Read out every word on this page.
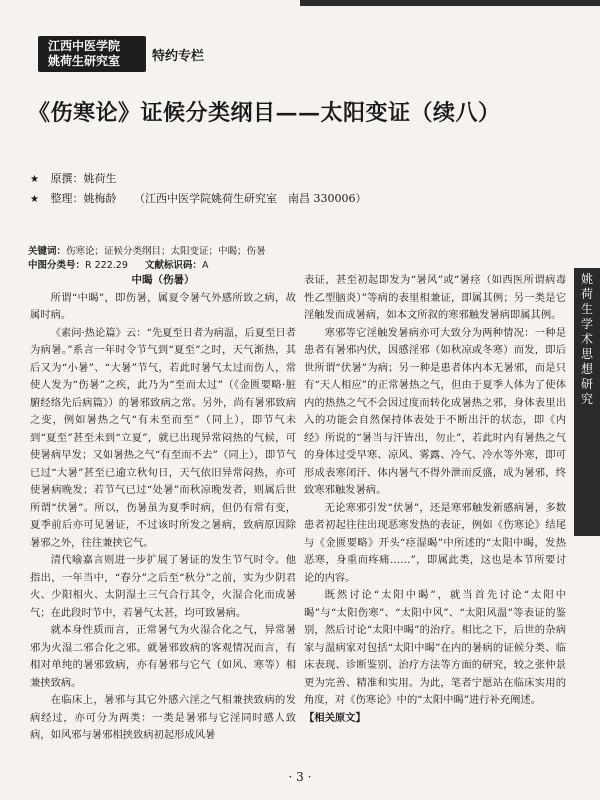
江西中医学院
姚荷生研究室	特约专栏
《伤寒论》证候分类纲目——太阳变证（续八）
★ 原撰：姚荷生
★ 整理：姚梅龄 （江西中医学院姚荷生研究室　南昌 330006）
关键词：伤寒论；证候分类纲目；太阳变证；中暍；伤暑
中图分类号：R 222.29 文献标识码：A
姚
荷
生
学
术
思
想
研
究

中暍（伤暑）

所谓“中暍”，即伤暑，属夏令暑气外感所致之病，故属时病。

《素问·热论篇》云：“先夏至日者为病温，后夏至日者为病暑。”系言一年时令节气到“夏至”之时，天气渐热，其后又为“小暑”、“大暑”节气，若此时暑气太过而伤人，常使人发为“伤暑”之疾，此乃为“至而太过”（《金匮要略·脏腑经络先后病篇》）的暑邪致病之常。另外，尚有暑邪致病之变，例如暑热之气“有未至而至”（同上），即节气未到“夏至”甚至未到“立夏”，就已出现异常闷热的气候，可使暑病早发；又如暑热之气“有至而不去”（同上），即节气已过“大暑”甚至已逾立秋旬日，天气依旧异常闷热，亦可使暑病晚发；若节气已过“处暑”而秋凉晚发者，则属后世所谓“伏暑”。所以，伤暑虽为夏季时病，但仍有常有变，夏季前后亦可见暑证，不过该时所发之暑病，致病原因除暑邪之外，往往兼挟它气。

清代喻嘉言则进一步扩展了暑证的发生节气时令。他指出，一年当中，“春分”之后至“秋分”之前，实为少阴君火、少阳相火、太阴湿土三气合行其令，火湿合化而成暑气；在此段时节中，若暑气太甚，均可致暑病。

就本身性质而言，正常暑气为火湿合化之气，异常暑邪为火湿二邪合化之邪。就暑邪致病的客观情况而言，有相对单纯的暑邪致病，亦有暑邪与它气（如风、寒等）相兼挟致病。

在临床上，暑邪与其它外感六淫之气相兼挟致病的发病经过，亦可分为两类：一类是暑邪与它淫同时感人致病，如风邪与暑邪相挟致病初起形成风暑

表证，甚至初起即发为“暑风”或“暑痉（如西医所谓病毒性乙型脑炎）”等病的表里相兼证，即属其例；另一类是它淫触发而成暑病，如本文所叙的寒邪触发暑病即属其例。

寒邪等它淫触发暑病亦可大致分为两种情况：一种是患者有暑邪内伏，因感淫邪（如秋凉或冬寒）而发，即后世所谓“伏暑”为病；另一种是患者体内本无暑邪，而是只有“天人相应”的正常暑热之气，但由于夏季人体为了使体内的热热之气不会因过度而转化成暑热之邪，身体表里出入的功能会自然保持体表处于不断出汗的状态，即《内经》所说的“暑当与汗皆出，勿止”，若此时内有暑热之气的身体过受早寒、凉风、雾露、冷气、冷水等外寒，即可形成表寒闭汗、体内暑气不得外泄而反盛，成为暑邪，终致寒邪触发暑病。

无论寒邪引发“伏暑”，还是寒邪触发新感病暑，多数患者初起往往出现恶寒发热的表证，例如《伤寒论》结尾与《金匮要略》开头“痉湿暍”中所述的“太阳中暍，发热恶寒，身重而疼痛……”，即属此类，这也是本节所要讨论的内容。

既然讨论“太阳中暍”，就当首先讨论“太阳中暍”与“太阳伤寒”、“太阳中风”、“太阳风温”等表证的鉴别，然后讨论“太阳中暍”的治疗。相比之下，后世的杂病家与温病家对包括“太阳中暍”在内的暑病的证候分类、临床表现、诊断鉴别、治疗方法等方面的研究，较之张仲景更为完善、精准和实用。为此，笔者宁愿站在临床实用的角度，对《伤寒论》中的“太阳中暍”进行补充阐述。

【相关原文】

· 3 ·
